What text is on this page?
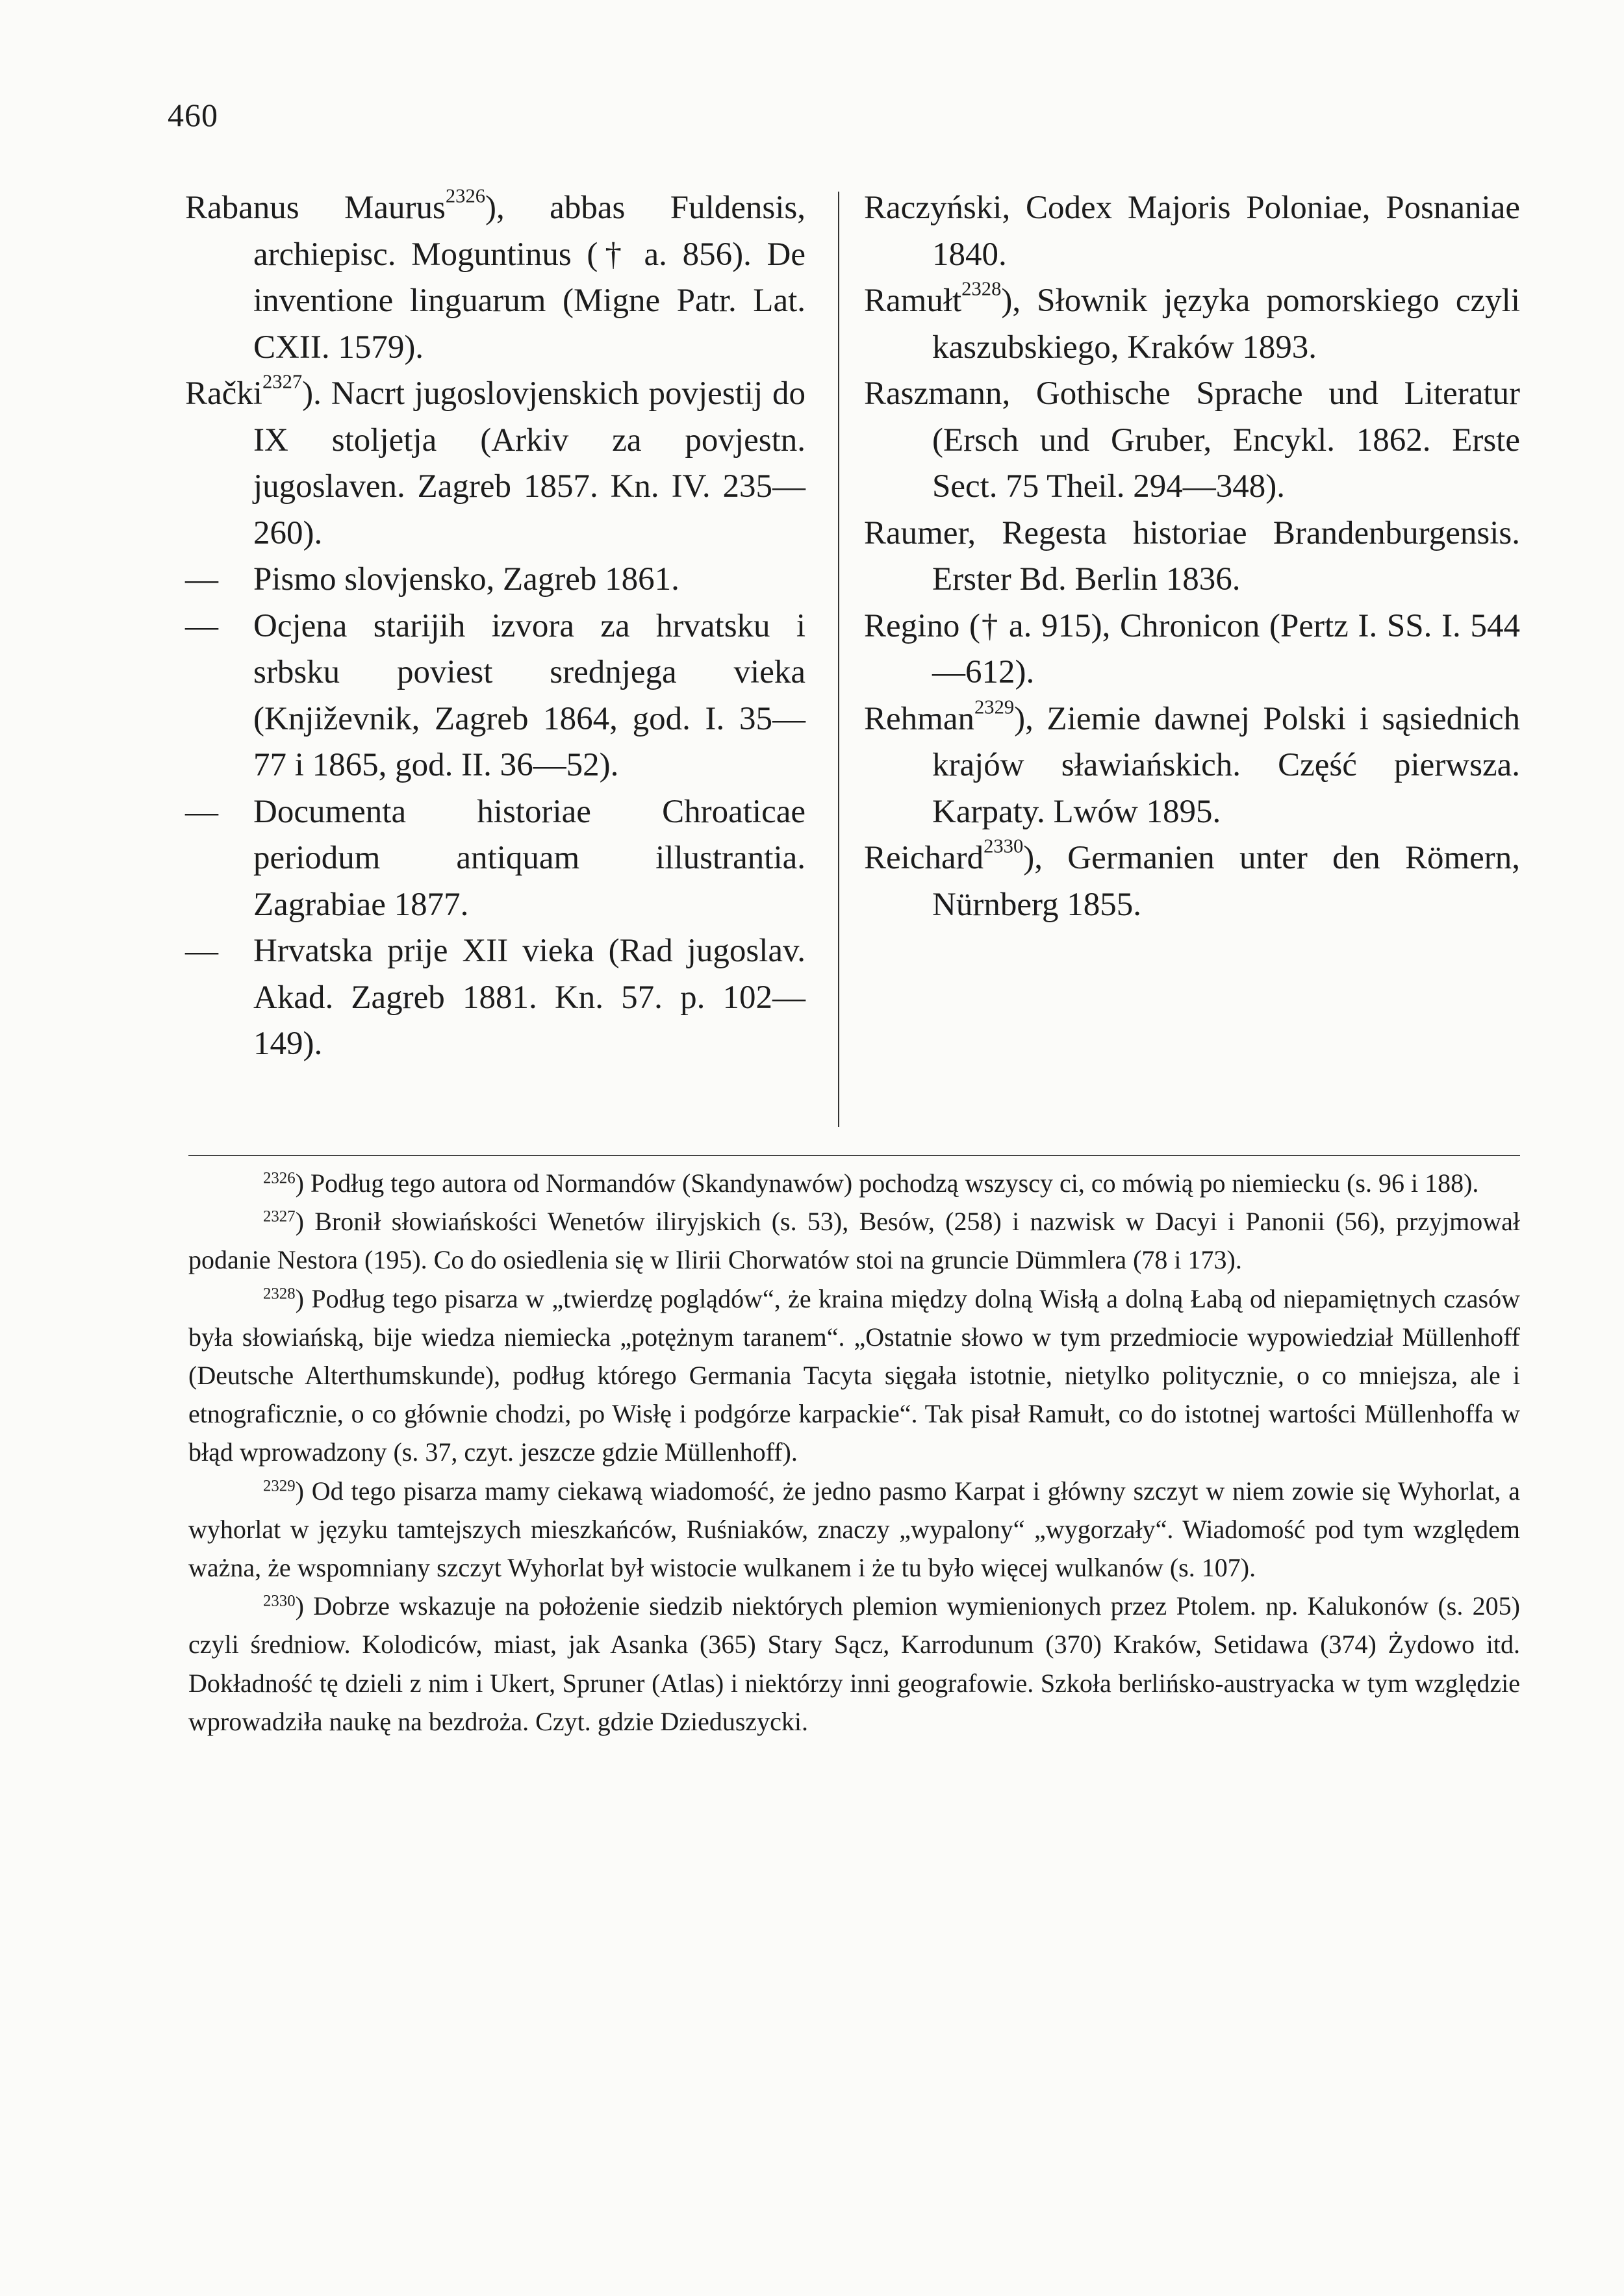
460

Rabanus Maurus$^{2326}$), abbas Fuldensis, archiepisc. Moguntinus († a. 856). De inventione linguarum (Migne Patr. Lat. CXII. 1579).

Rački$^{2327}$). Nacrt jugoslovjenskich povjestij do IX stoljetja (Arkiv za povjestn. jugoslaven. Zagreb 1857. Kn. IV. 235—260).

— Pismo slovjensko, Zagreb 1861.

— Ocjena starijih izvora za hrvatsku i srbsku poviest srednjega vieka (Književnik, Zagreb 1864, god. I. 35—77 i 1865, god. II. 36—52).

— Documenta historiae Chroaticae periodum antiquam illustrantia. Zagrabiae 1877.

— Hrvatska prije XII vieka (Rad jugoslav. Akad. Zagreb 1881. Kn. 57. p. 102—149).

Raczyński, Codex Majoris Poloniae, Posnaniae 1840.

Ramułt$^{2328}$), Słownik języka pomorskiego czyli kaszubskiego, Kraków 1893.

Raszmann, Gothische Sprache und Literatur (Ersch und Gruber, Encykl. 1862. Erste Sect. 75 Theil. 294—348).

Raumer, Regesta historiae Brandenburgensis. Erster Bd. Berlin 1836.

Regino († a. 915), Chronicon (Pertz I. SS. I. 544—612).

Rehman$^{2329}$), Ziemie dawnej Polski i sąsiednich krajów sławiańskich. Część pierwsza. Karpaty. Lwów 1895.

Reichard$^{2330}$), Germanien unter den Römern, Nürnberg 1855.

$^{2326}$) Podług tego autora od Normandów (Skandynawów) pochodzą wszyscy ci, co mówią po niemiecku (s. 96 i 188).

$^{2327}$) Bronił słowiańskości Wenetów iliryjskich (s. 53), Besów, (258) i nazwisk w Dacyi i Panonii (56), przyjmował podanie Nestora (195). Co do osiedlenia się w Ilirii Chorwatów stoi na gruncie Dümmlera (78 i 173).

$^{2328}$) Podług tego pisarza w „twierdzę poglądów“, że kraina między dolną Wisłą a dolną Łabą od niepamiętnych czasów była słowiańską, bije wiedza niemiecka „potężnym taranem“. „Ostatnie słowo w tym przedmiocie wypowiedział Müllenhoff (Deutsche Alterthumskunde), podług którego Germania Tacyta sięgała istotnie, nietylko politycznie, o co mniejsza, ale i etnograficznie, o co głównie chodzi, po Wisłę i podgórze karpackie“. Tak pisał Ramułt, co do istotnej wartości Müllenhoffa w błąd wprowadzony (s. 37, czyt. jeszcze gdzie Müllenhoff).

$^{2329}$) Od tego pisarza mamy ciekawą wiadomość, że jedno pasmo Karpat i główny szczyt w niem zowie się Wyhorlat, a wyhorlat w języku tamtejszych mieszkańców, Ruśniaków, znaczy „wypalony“ „wygorzały“. Wiadomość pod tym względem ważna, że wspomniany szczyt Wyhorlat był wistocie wulkanem i że tu było więcej wulkanów (s. 107).

$^{2330}$) Dobrze wskazuje na położenie siedzib niektórych plemion wymienionych przez Ptolem. np. Kalukonów (s. 205) czyli średniow. Kolodiców, miast, jak Asanka (365) Stary Sącz, Karrodunum (370) Kraków, Setidawa (374) Żydowo itd. Dokładność tę dzieli z nim i Ukert, Spruner (Atlas) i niektórzy inni geografowie. Szkoła berlińsko-austryacka w tym względzie wprowadziła naukę na bezdroża. Czyt. gdzie Dzieduszycki.
